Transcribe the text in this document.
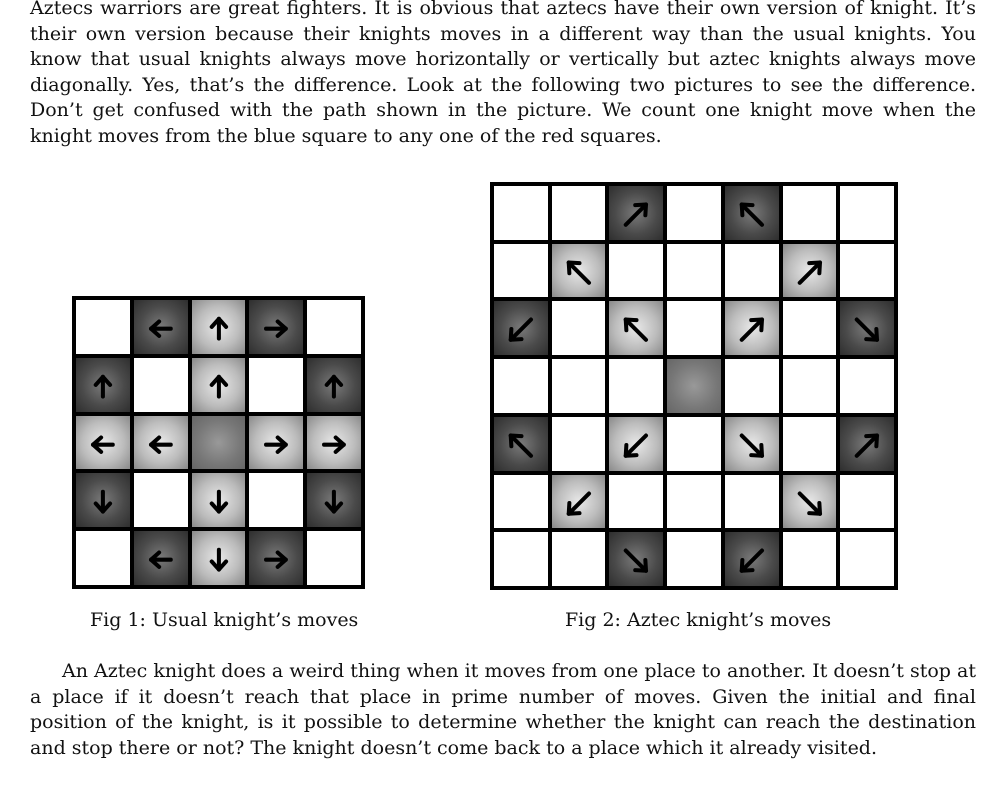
Aztecs warriors are great fighters. It is obvious that aztecs have their own version of knight. It’s their own version because their knights moves in a different way than the usual knights. You know that usual knights always move horizontally or vertically but aztec knights always move diagonally. Yes, that’s the difference. Look at the following two pictures to see the difference. Don’t get confused with the path shown in the picture. We count one knight move when the knight moves from the blue square to any one of the red squares.

Fig 1: Usual knight’s moves	Fig 2: Aztec knight’s moves

An Aztec knight does a weird thing when it moves from one place to another. It doesn’t stop at a place if it doesn’t reach that place in prime number of moves. Given the initial and final position of the knight, is it possible to determine whether the knight can reach the destination and stop there or not? The knight doesn’t come back to a place which it already visited.
